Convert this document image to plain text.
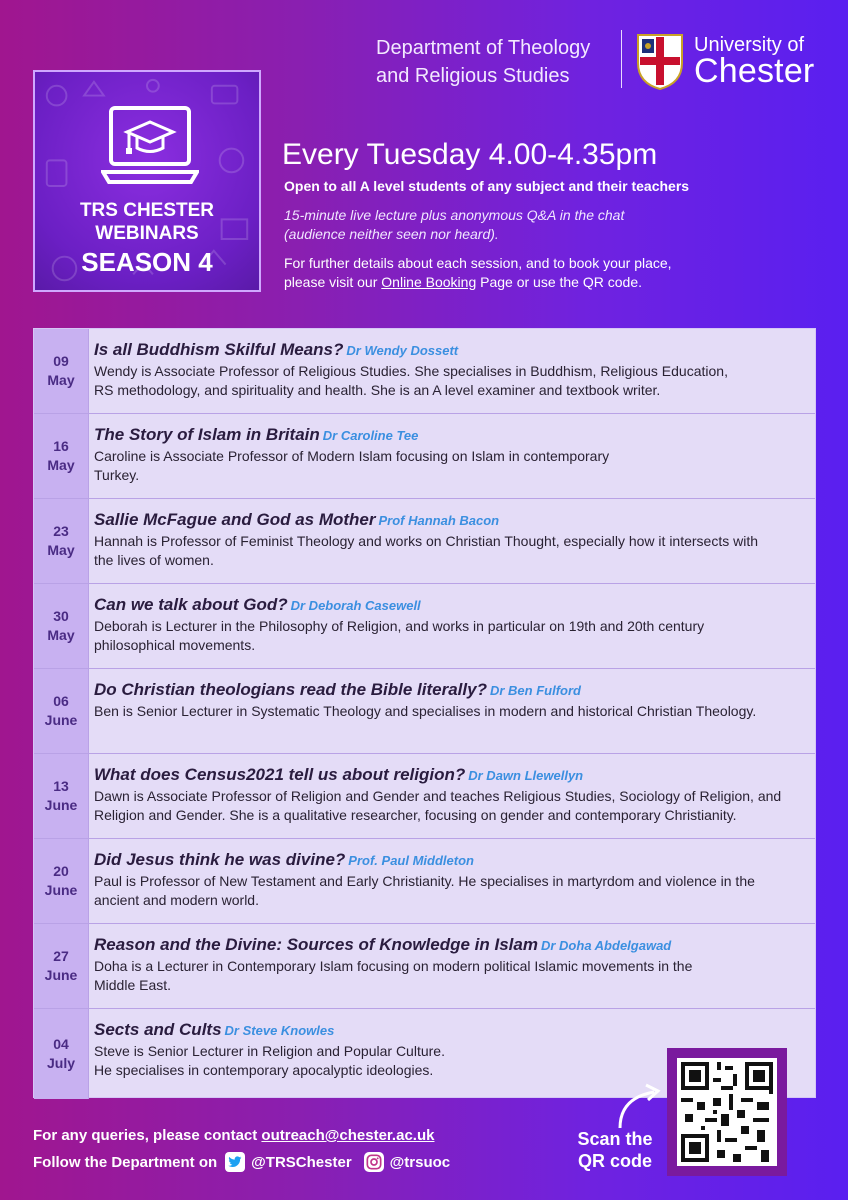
Department of Theology
and Religious Studies
University of
Chester
TRS CHESTER
WEBINARS
SEASON 4
Every Tuesday 4.00-4.35pm
Open to all A level students of any subject and their teachers
15-minute live lecture plus anonymous Q&A in the chat
(audience neither seen nor heard).
For further details about each session, and to book your place,
please visit our Online Booking Page or use the QR code.
09
May
Is all Buddhism Skilful Means? Dr Wendy Dossett
Wendy is Associate Professor of Religious Studies. She specialises in Buddhism, Religious Education,
RS methodology, and spirituality and health. She is an A level examiner and textbook writer.
16
May
The Story of Islam in Britain Dr Caroline Tee
Caroline is Associate Professor of Modern Islam focusing on Islam in contemporary
Turkey.
23
May
Sallie McFague and God as Mother Prof Hannah Bacon
Hannah is Professor of Feminist Theology and works on Christian Thought, especially how it intersects with
the lives of women.
30
May
Can we talk about God? Dr Deborah Casewell
Deborah is Lecturer in the Philosophy of Religion, and works in particular on 19th and 20th century
philosophical movements.
06
June
Do Christian theologians read the Bible literally? Dr Ben Fulford
Ben is Senior Lecturer in Systematic Theology and specialises in modern and historical Christian Theology.
13
June
What does Census2021 tell us about religion? Dr Dawn Llewellyn
Dawn is Associate Professor of Religion and Gender and teaches Religious Studies, Sociology of Religion, and
Religion and Gender. She is a qualitative researcher, focusing on gender and contemporary Christianity.
20
June
Did Jesus think he was divine? Prof. Paul Middleton
Paul is Professor of New Testament and Early Christianity. He specialises in martyrdom and violence in the
ancient and modern world.
27
June
Reason and the Divine: Sources of Knowledge in Islam Dr Doha Abdelgawad
Doha is a Lecturer in Contemporary Islam focusing on modern political Islamic movements in the
Middle East.
04
July
Sects and Cults Dr Steve Knowles
Steve is Senior Lecturer in Religion and Popular Culture.
He specialises in contemporary apocalyptic ideologies.
Scan the
QR code
For any queries, please contact outreach@chester.ac.uk
Follow the Department on @TRSChester	@trsuoc
